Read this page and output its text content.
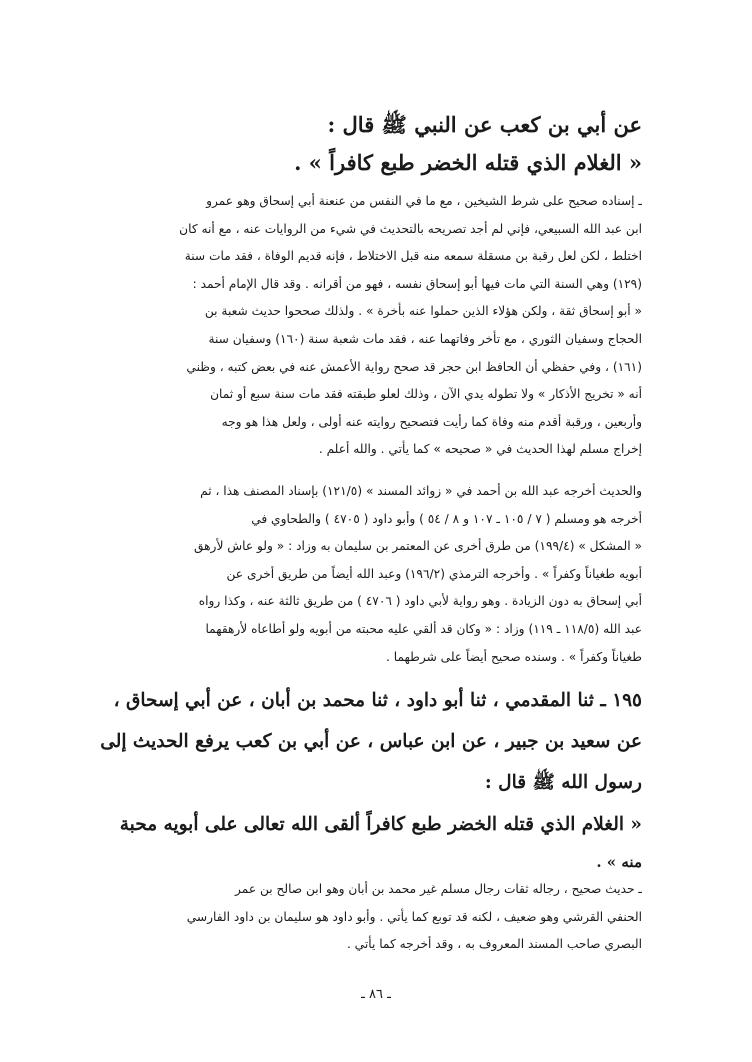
عن أبي بن كعب عن النبي ﷺ قال :
« الغلام الذي قتله الخضر طبع كافراً » .
ـ إسناده صحيح على شرط الشيخين ، مع ما في النفس من عنعنة أبي إسحاق وهو عمرو
ابن عبد الله السبيعي، فإني لم أجد تصريحه بالتحديث في شيء من الروايات عنه ، مع أنه كان
اختلط ، لكن لعل رقبة بن مسقلة سمعه منه قبل الاختلاط ، فإنه قديم الوفاة ، فقد مات سنة
(١٢٩) وهي السنة التي مات فيها أبو إسحاق نفسه ، فهو من أقرانه . وقد قال الإمام أحمد :
« أبو إسحاق ثقة ، ولكن هؤلاء الذين حملوا عنه بأخرة » . ولذلك صححوا حديث شعبة بن
الحجاج وسفيان الثوري ، مع تأخر وفاتهما عنه ، فقد مات شعبة سنة (١٦٠) وسفيان سنة
(١٦١) ، وفي حفظي أن الحافظ ابن حجر قد صحح رواية الأعمش عنه في بعض كتبه ، وظني
أنه « تخريج الأذكار » ولا تطوله يدي الآن ، وذلك لعلو طبقته فقد مات سنة سبع أو ثمان
وأربعين ، ورقبة أقدم منه وفاة كما رأيت فتصحيح روايته عنه أولى ، ولعل هذا هو وجه
إخراج مسلم لهذا الحديث في « صحيحه » كما يأتي . والله أعلم .
والحديث أخرجه عبد الله بن أحمد في « زوائد المسند » (١٢١/٥) بإسناد المصنف هذا ، ثم
أخرجه هو ومسلم ( ٧ / ١٠٥ ـ ١٠٧ و ٨ / ٥٤ ) وأبو داود ( ٤٧٠٥ ) والطحاوي في
« المشكل » (١٩٩/٤) من طرق أخرى عن المعتمر بن سليمان به وزاد : « ولو عاش لأرهق
أبويه طغياناً وكفراً » . وأخرجه الترمذي (١٩٦/٢) وعبد الله أيضاً من طريق أخرى عن
أبي إسحاق به دون الزيادة . وهو رواية لأبي داود ( ٤٧٠٦ ) من طريق ثالثة عنه ، وكذا رواه
عبد الله (١١٨/٥ ـ ١١٩) وزاد : « وكان قد ألقي عليه محبته من أبويه ولو أطاعاه لأرهقهما
طغياناً وكفراً » . وسنده صحيح أيضاً على شرطهما .
١٩٥ ـ ثنا المقدمي ، ثنا أبو داود ، ثنا محمد بن أبان ، عن أبي إسحاق ،
عن سعيد بن جبير ، عن ابن عباس ، عن أبي بن كعب يرفع الحديث إلى
رسول الله ﷺ قال :
« الغلام الذي قتله الخضر طبع كافراً ألقى الله تعالى على أبويه محبة
منه » .
ـ حديث صحيح ، رجاله ثقات رجال مسلم غير محمد بن أبان وهو ابن صالح بن عمر
الحنفي القرشي وهو ضعيف ، لكنه قد توبع كما يأتي . وأبو داود هو سليمان بن داود الفارسي
البصري صاحب المسند المعروف به ، وقد أخرجه كما يأتي .
ـ ٨٦ ـ
